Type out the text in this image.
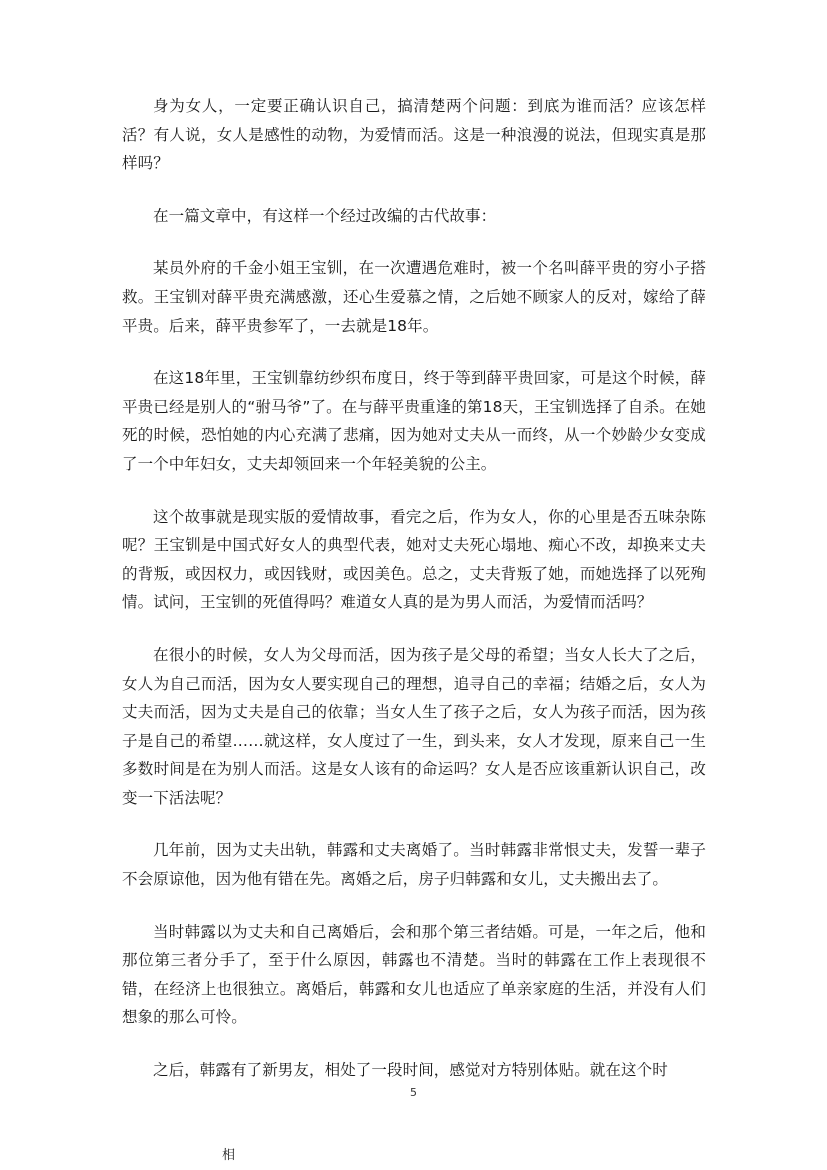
身为女人，一定要正确认识自己，搞清楚两个问题：到底为谁而活？应该怎样活？有人说，女人是感性的动物，为爱情而活。这是一种浪漫的说法，但现实真是那样吗？

在一篇文章中，有这样一个经过改编的古代故事：

某员外府的千金小姐王宝钏，在一次遭遇危难时，被一个名叫薛平贵的穷小子搭救。王宝钏对薛平贵充满感激，还心生爱慕之情，之后她不顾家人的反对，嫁给了薛平贵。后来，薛平贵参军了，一去就是18年。

在这18年里，王宝钏靠纺纱织布度日，终于等到薛平贵回家，可是这个时候，薛平贵已经是别人的“驸马爷”了。在与薛平贵重逢的第18天，王宝钏选择了自杀。在她死的时候，恐怕她的内心充满了悲痛，因为她对丈夫从一而终，从一个妙龄少女变成了一个中年妇女，丈夫却领回来一个年轻美貌的公主。

这个故事就是现实版的爱情故事，看完之后，作为女人，你的心里是否五味杂陈呢？王宝钏是中国式好女人的典型代表，她对丈夫死心塌地、痴心不改，却换来丈夫的背叛，或因权力，或因钱财，或因美色。总之，丈夫背叛了她，而她选择了以死殉情。试问，王宝钏的死值得吗？难道女人真的是为男人而活，为爱情而活吗？

在很小的时候，女人为父母而活，因为孩子是父母的希望；当女人长大了之后，女人为自己而活，因为女人要实现自己的理想，追寻自己的幸福；结婚之后，女人为丈夫而活，因为丈夫是自己的依靠；当女人生了孩子之后，女人为孩子而活，因为孩子是自己的希望……就这样，女人度过了一生，到头来，女人才发现，原来自己一生多数时间是在为别人而活。这是女人该有的命运吗？女人是否应该重新认识自己，改变一下活法呢？

几年前，因为丈夫出轨，韩露和丈夫离婚了。当时韩露非常恨丈夫，发誓一辈子不会原谅他，因为他有错在先。离婚之后，房子归韩露和女儿，丈夫搬出去了。

当时韩露以为丈夫和自己离婚后，会和那个第三者结婚。可是，一年之后，他和那位第三者分手了，至于什么原因，韩露也不清楚。当时的韩露在工作上表现很不错，在经济上也很独立。离婚后，韩露和女儿也适应了单亲家庭的生活，并没有人们想象的那么可怜。

之后，韩露有了新男友，相处了一段时间，感觉对方特别体贴。就在这个时

5
相
